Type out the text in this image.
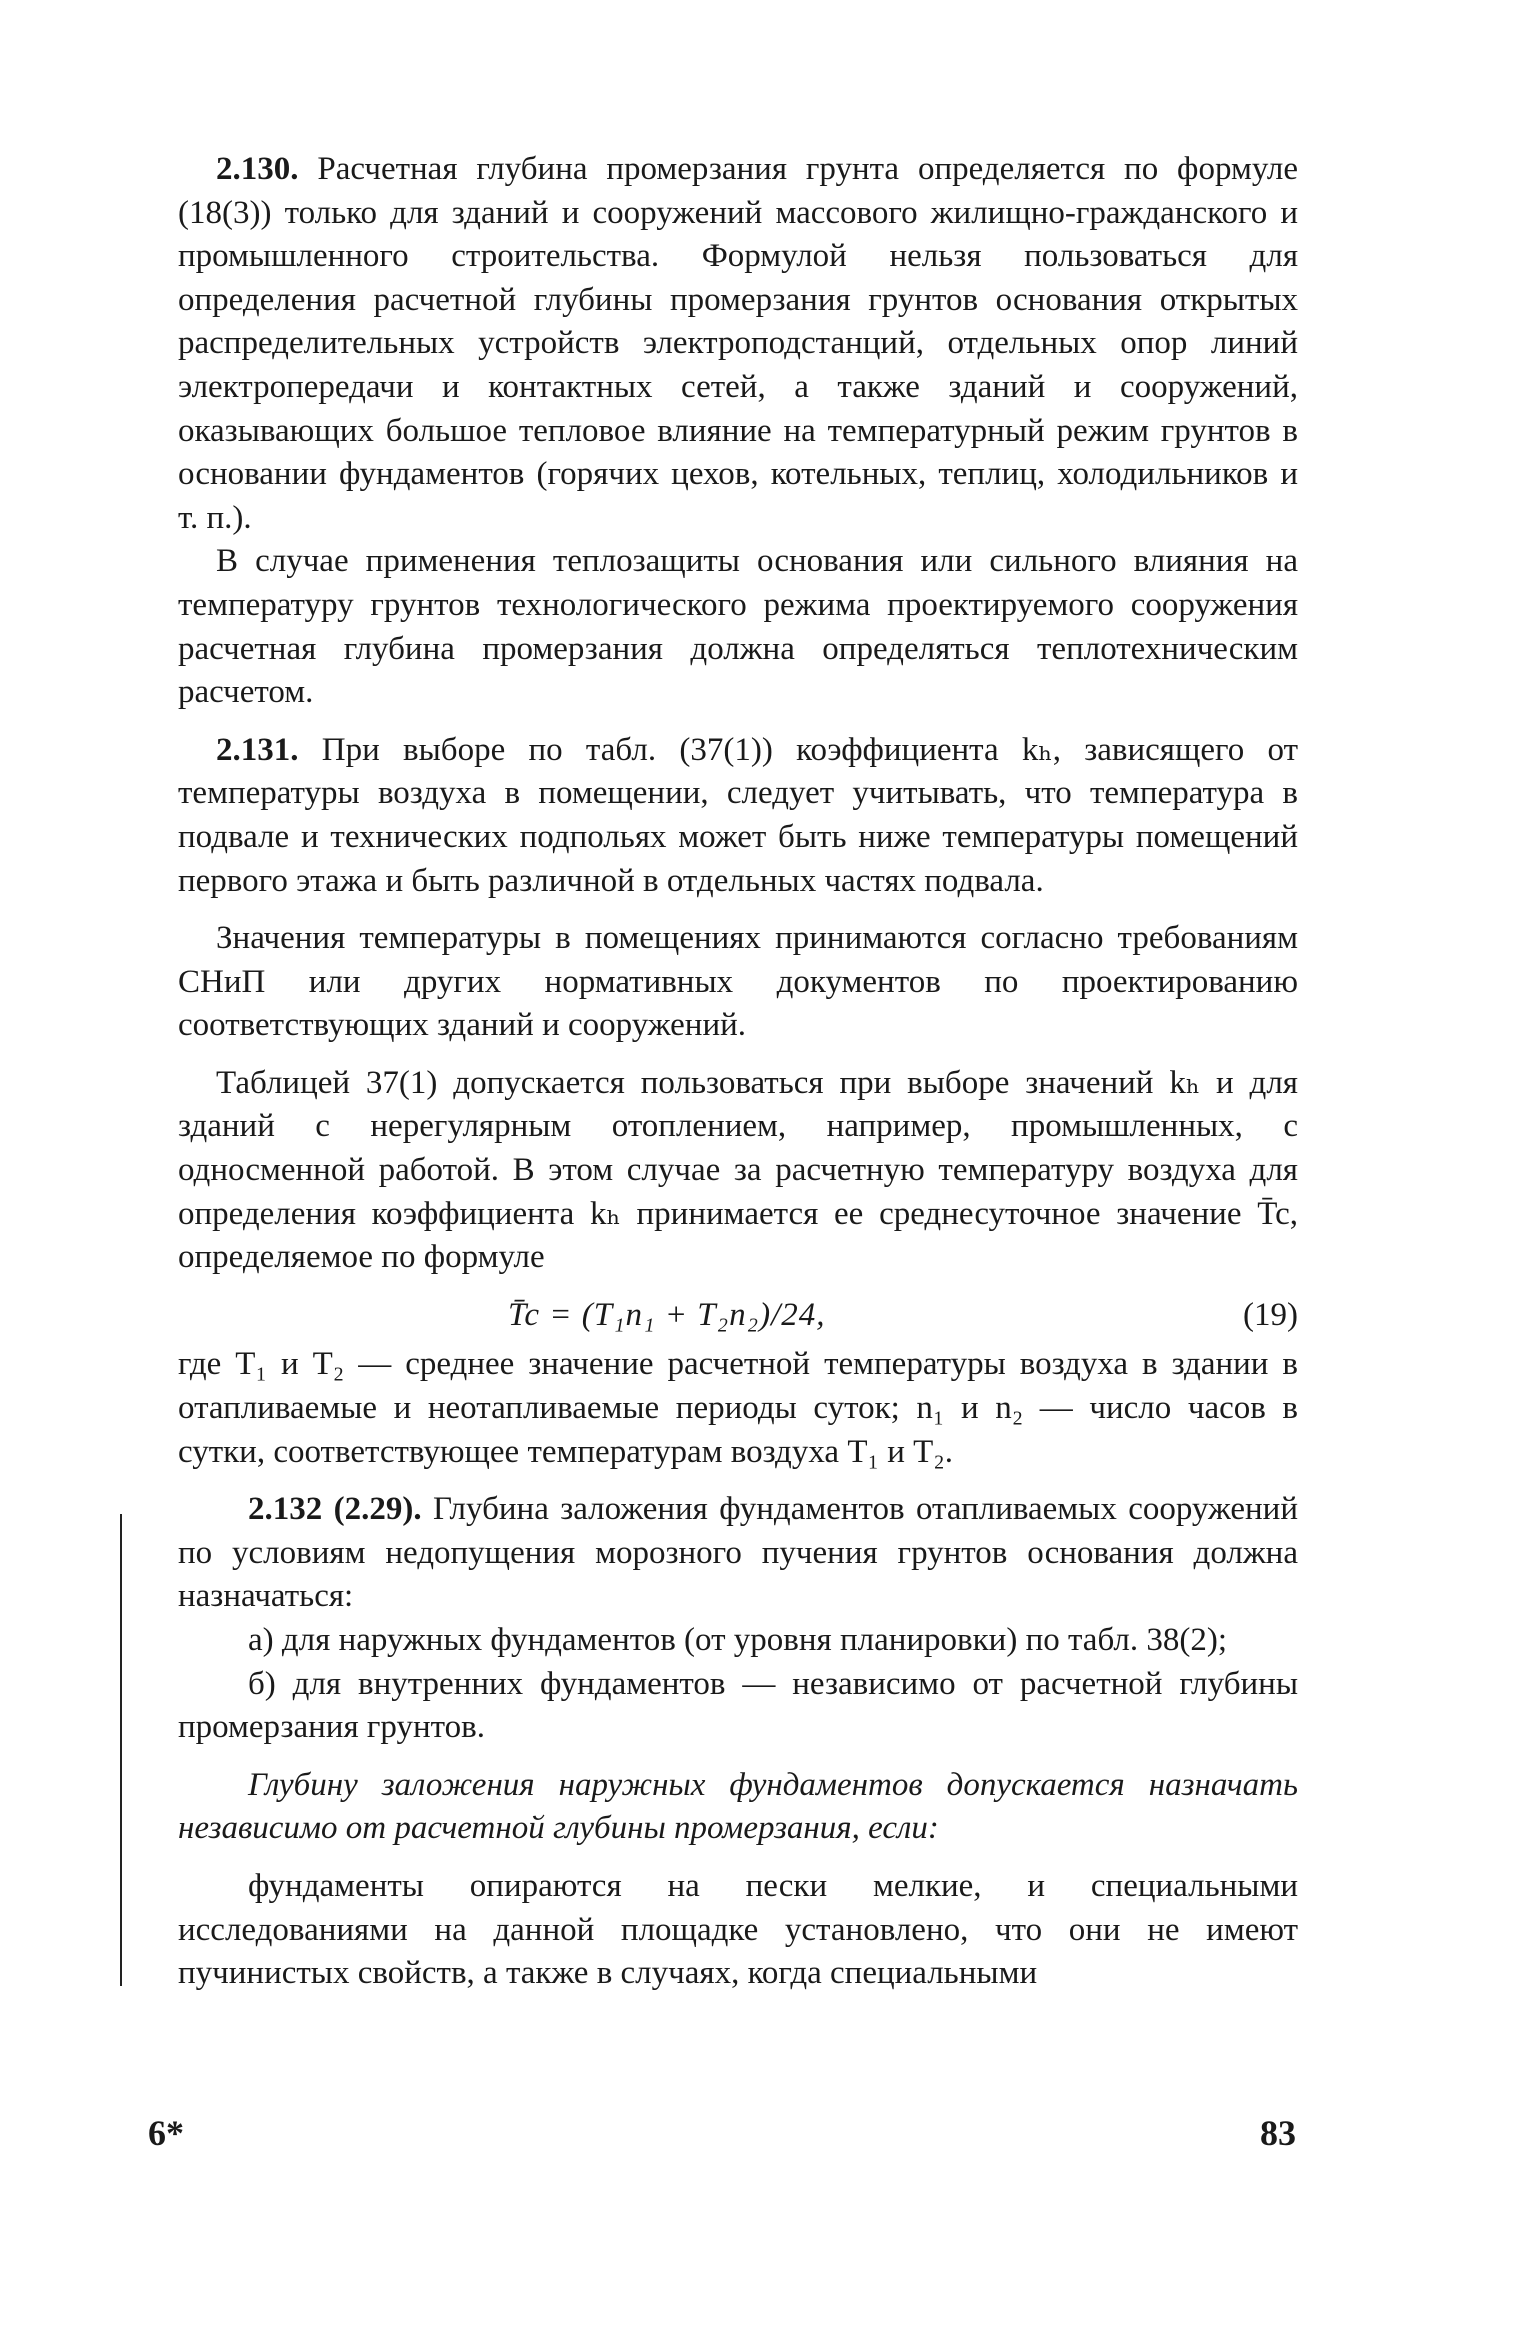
2.130. Расчетная глубина промерзания грунта определяется по формуле (18(3)) только для зданий и сооружений массового жилищно-гражданского и промышленного строительства. Формулой нельзя пользоваться для определения расчетной глубины промерзания грунтов основания открытых распределительных устройств электроподстанций, отдельных опор линий электропередачи и контактных сетей, а также зданий и сооружений, оказывающих большое тепловое влияние на температурный режим грунтов в основании фундаментов (горячих цехов, котельных, теплиц, холодильников и т. п.).

В случае применения теплозащиты основания или сильного влияния на температуру грунтов технологического режима проектируемого сооружения расчетная глубина промерзания должна определяться теплотехническим расчетом.

2.131. При выборе по табл. (37(1)) коэффициента kₕ, зависящего от температуры воздуха в помещении, следует учитывать, что температура в подвале и технических подпольях может быть ниже температуры помещений первого этажа и быть различной в отдельных частях подвала.

Значения температуры в помещениях принимаются согласно требованиям СНиП или других нормативных документов по проектированию соответствующих зданий и сооружений.

Таблицей 37(1) допускается пользоваться при выборе значений kₕ и для зданий с нерегулярным отоплением, например, промышленных, с односменной работой. В этом случае за расчетную температуру воздуха для определения коэффициента kₕ принимается ее среднесуточное значение T̄c, определяемое по формуле

T̄c = (T₁n₁ + T₂n₂)/24,	(19)

где T₁ и T₂ — среднее значение расчетной температуры воздуха в здании в отапливаемые и неотапливаемые периоды суток; n₁ и n₂ — число часов в сутки, соответствующее температурам воздуха T₁ и T₂.

2.132 (2.29). Глубина заложения фундаментов отапливаемых сооружений по условиям недопущения морозного пучения грунтов основания должна назначаться:

а) для наружных фундаментов (от уровня планировки) по табл. 38(2);

б) для внутренних фундаментов — независимо от расчетной глубины промерзания грунтов.

Глубину заложения наружных фундаментов допускается назначать независимо от расчетной глубины промерзания, если:

фундаменты опираются на пески мелкие, и специальными исследованиями на данной площадке установлено, что они не имеют пучинистых свойств, а также в случаях, когда специальными

6*	83
